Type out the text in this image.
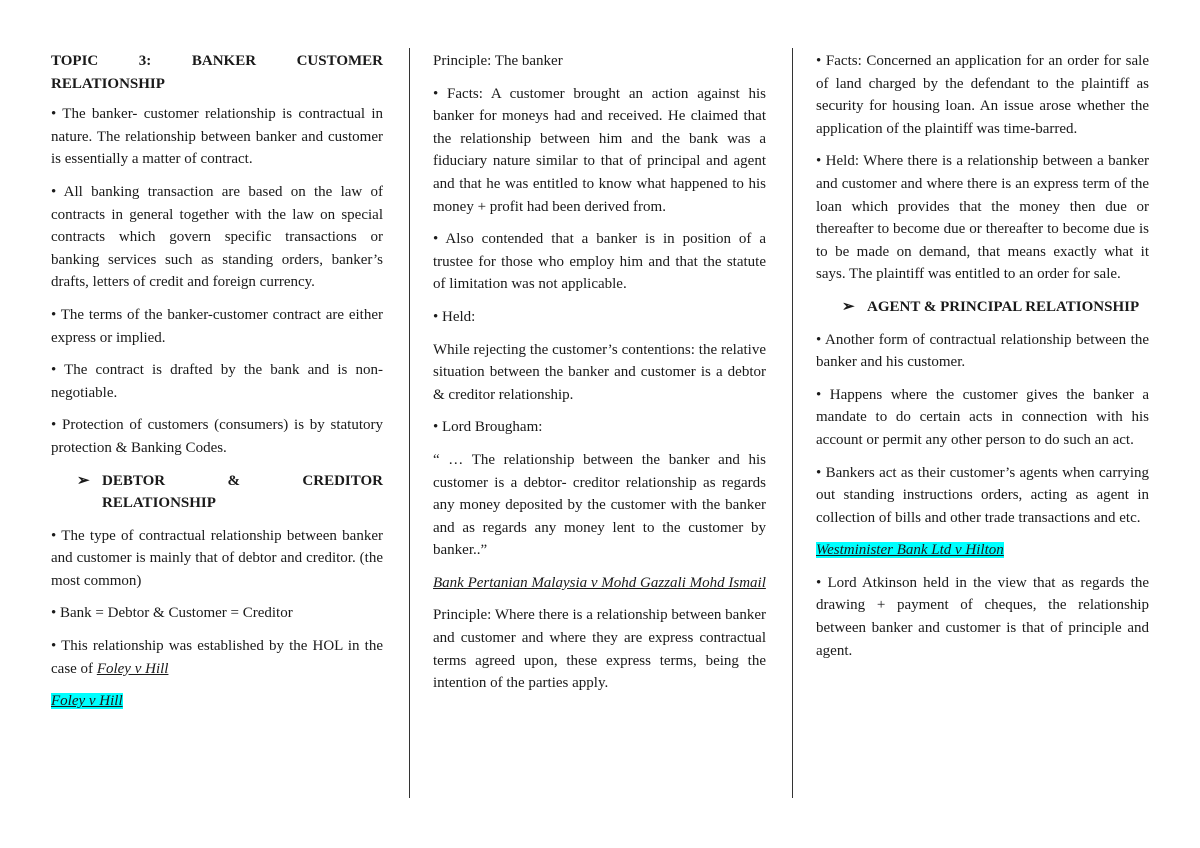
TOPIC 3: BANKER CUSTOMER RELATIONSHIP

• The banker- customer relationship is contractual in nature. The relationship between banker and customer is essentially a matter of contract.

• All banking transaction are based on the law of contracts in general together with the law on special contracts which govern specific transactions or banking services such as standing orders, banker’s drafts, letters of credit and foreign currency.

• The terms of the banker-customer contract are either express or implied.

• The contract is drafted by the bank and is non-negotiable.

• Protection of customers (consumers) is by statutory protection & Banking Codes.

➢ DEBTOR & CREDITOR RELATIONSHIP

• The type of contractual relationship between banker and customer is mainly that of debtor and creditor. (the most common)

• Bank = Debtor & Customer = Creditor

• This relationship was established by the HOL in the case of Foley v Hill

Foley v Hill

Principle: The banker

• Facts: A customer brought an action against his banker for moneys had and received. He claimed that the relationship between him and the bank was a fiduciary nature similar to that of principal and agent and that he was entitled to know what happened to his money + profit had been derived from.

• Also contended that a banker is in position of a trustee for those who employ him and that the statute of limitation was not applicable.

• Held:

While rejecting the customer’s contentions: the relative situation between the banker and customer is a debtor & creditor relationship.

• Lord Brougham:

“ … The relationship between the banker and his customer is a debtor- creditor relationship as regards any money deposited by the customer with the banker and as regards any money lent to the customer by banker..”

Bank Pertanian Malaysia v Mohd Gazzali Mohd Ismail

Principle: Where there is a relationship between banker and customer and where they are express contractual terms agreed upon, these express terms, being the intention of the parties apply.

• Facts: Concerned an application for an order for sale of land charged by the defendant to the plaintiff as security for housing loan. An issue arose whether the application of the plaintiff was time-barred.

• Held: Where there is a relationship between a banker and customer and where there is an express term of the loan which provides that the money then due or thereafter to become due or thereafter to become due is to be made on demand, that means exactly what it says. The plaintiff was entitled to an order for sale.

➢ AGENT & PRINCIPAL RELATIONSHIP

• Another form of contractual relationship between the banker and his customer.

• Happens where the customer gives the banker a mandate to do certain acts in connection with his account or permit any other person to do such an act.

• Bankers act as their customer’s agents when carrying out standing instructions orders, acting as agent in collection of bills and other trade transactions and etc.

Westminister Bank Ltd v Hilton

• Lord Atkinson held in the view that as regards the drawing + payment of cheques, the relationship between banker and customer is that of principle and agent.
